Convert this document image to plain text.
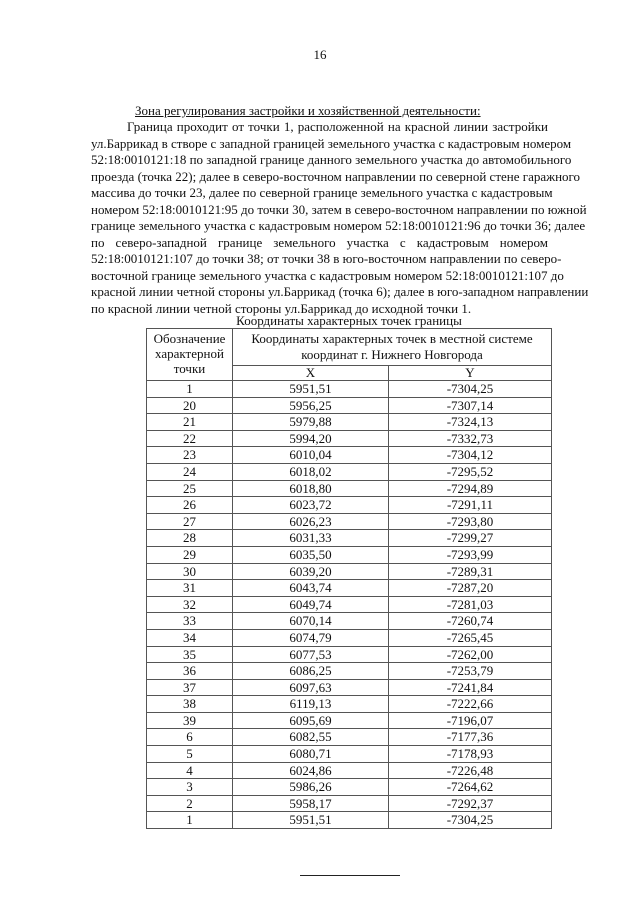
16
Зона регулирования застройки и хозяйственной деятельности:
Граница проходит от точки 1, расположенной на красной линии застройки
ул.Баррикад в створе с западной границей земельного участка с кадастровым номером
52:18:0010121:18 по западной границе данного земельного участка до автомобильного
проезда (точка 22); далее в северо-восточном направлении по северной стене гаражного
массива до точки 23, далее по северной границе земельного участка с кадастровым
номером 52:18:0010121:95 до точки 30, затем в северо-восточном направлении по южной
границе земельного участка с кадастровым номером 52:18:0010121:96 до точки 36; далее
по северо-западной границе земельного участка с кадастровым номером
52:18:0010121:107 до точки 38; от точки 38 в юго-восточном направлении по северо-
восточной границе земельного участка с кадастровым номером 52:18:0010121:107 до
красной линии четной стороны ул.Баррикад (точка 6); далее в юго-западном направлении
по красной линии четной стороны ул.Баррикад до исходной точки 1.
Координаты характерных точек границы
Обозначение характерной точки	Координаты характерных точек в местной системе координат г. Нижнего Новгорода	
	X	Y
1	5951,51	-7304,25
20	5956,25	-7307,14
21	5979,88	-7324,13
22	5994,20	-7332,73
23	6010,04	-7304,12
24	6018,02	-7295,52
25	6018,80	-7294,89
26	6023,72	-7291,11
27	6026,23	-7293,80
28	6031,33	-7299,27
29	6035,50	-7293,99
30	6039,20	-7289,31
31	6043,74	-7287,20
32	6049,74	-7281,03
33	6070,14	-7260,74
34	6074,79	-7265,45
35	6077,53	-7262,00
36	6086,25	-7253,79
37	6097,63	-7241,84
38	6119,13	-7222,66
39	6095,69	-7196,07
6	6082,55	-7177,36
5	6080,71	-7178,93
4	6024,86	-7226,48
3	5986,26	-7264,62
2	5958,17	-7292,37
1	5951,51	-7304,25
